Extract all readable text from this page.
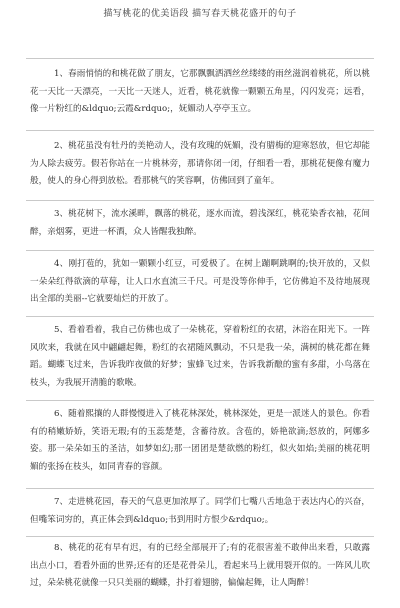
描写桃花的优美语段 描写春天桃花盛开的句子
1、春雨悄悄的和桃花做了朋友，它那飘飘洒洒丝丝缕缕的雨丝滋润着桃花，所以桃花一天比一天漂亮，一天比一天迷人，近看，桃花就像一颗颗五角星，闪闪发亮；远看，像一片粉红的&ldquo;云霞&rdquo;，妩媚动人亭亭玉立。
2、桃花虽没有牡丹的美艳动人，没有玫瑰的妩媚，没有腊梅的迎寒怒放，但它却能为人除去疲劳。假若你站在一片桃林旁，那请你闭一闭，仔细看一看，那桃花便像有魔力般，使人的身心得到放松。看那桃气的笑容啊，仿佛回到了童年。
3、桃花树下，流水溪畔，飘落的桃花，逐水而流，碧浅深红，桃花染香衣袖，花间醉，亲烟雾，更进一杯酒，众人皆醒我独醉。
4、刚打苞的，犹如一颗颗小红豆，可爱极了。在树上蹦啊跳啊的;快开放的，又似一朵朵红得欲滴的草莓，让人口水直流三千尺。可是没等你伸手，它仿佛迫不及待地展现出全部的美丽--它就要灿烂的开放了。
5、看着看着，我自己仿佛也成了一朵桃花，穿着粉红的衣裙，沐浴在阳光下。一阵风吹来，我就在风中翩翩起舞，粉红的衣裙随风飘动，不只是我一朵，满树的桃花都在舞蹈。蝴蝶飞过来，告诉我昨夜做的好梦；蜜蜂飞过来，告诉我新酿的蜜有多甜，小鸟落在枝头，为我展开清脆的歌喉。
6、随着熙攘的人群慢慢进入了桃花林深处，桃林深处，更是一派迷人的景色。你看有的稍嫩娇娇，笑语无瑕;有的玉蕊楚楚，含蓄待放。含苞的，娇艳欲滴;怒放的，阿娜多姿。那一朵朵如玉的圣洁，如梦如幻;那一团团是楚欲燃的粉红，似火如焰;美丽的桃花明媚的张扬在枝头，如同青春的容颜。
7、走进桃花园，春天的气息更加浓厚了。同学们七嘴八舌地急于表达内心的兴奋，但嘴笨词穷的，真正体会到&ldquo;书到用时方恨少&rdquo;。
8、桃花的花有早有迟，有的已经全部展开了;有的花很害羞不敢伸出来看，只敢露出点小口，看看外面的世界;还有的还是花骨朵儿，看起来马上就用裂开似的。一阵风儿吹过，朵朵桃花就像一只只美丽的蝴蝶，扑打着翅膀，偏偏起舞，让人陶醉！
